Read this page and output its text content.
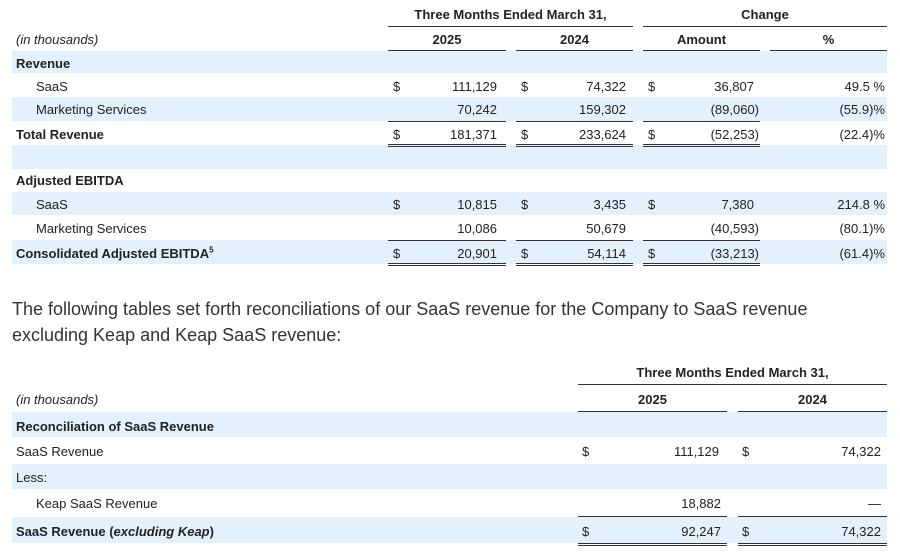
Three Months Ended March 31,	Change
(in thousands)	2025	2024	Amount	%
Revenue
SaaS	$	111,129 $	74,322 $	36,807	49.5 %
Marketing Services	70,242	159,302	(89,060)	(55.9)%
Total Revenue	$	181,371 $	233,624 $	(52,253)	(22.4)%
Adjusted EBITDA
SaaS	$	10,815 $	3,435 $	7,380	214.8 %
Marketing Services	10,086	50,679	(40,593)	(80.1)%
Consolidated Adjusted EBITDA$^5$	$	20,901 $	54,114 $	(33,213)	(61.4)%
The following tables set forth reconciliations of our SaaS revenue for the Company to SaaS revenue excluding Keap and Keap SaaS revenue:
Three Months Ended March 31,
(in thousands)	2025	2024
Reconciliation of SaaS Revenue
SaaS Revenue	$	111,129 $	74,322
Less:
Keap SaaS Revenue	18,882	—
SaaS Revenue (excluding Keap)	$	92,247 $	74,322
